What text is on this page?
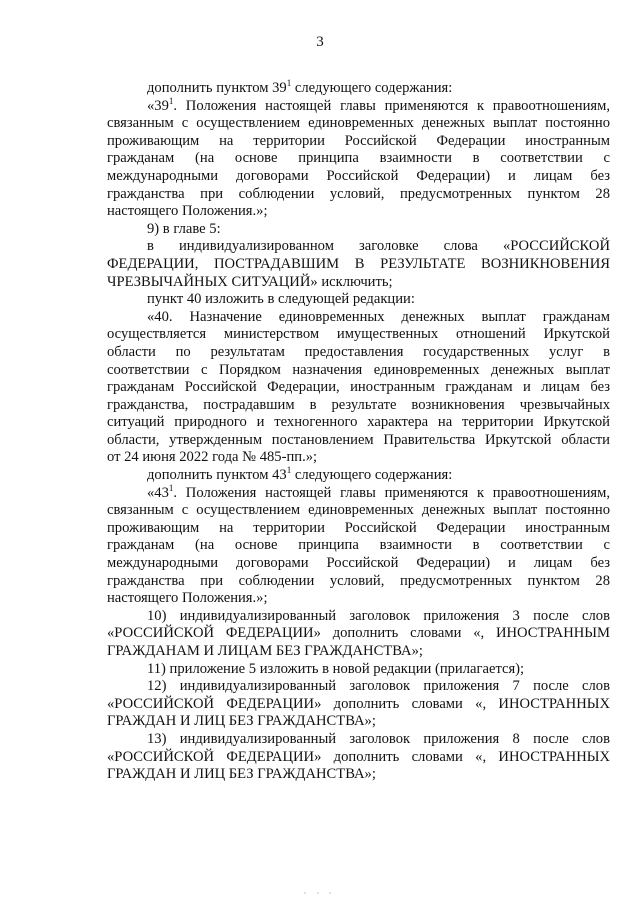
3
дополнить пунктом $39^1$ следующего содержания:
«$39^1$. Положения настоящей главы применяются к правоотношениям,
связанным с осуществлением единовременных денежных выплат постоянно
проживающим на территории Российской Федерации иностранным
гражданам (на основе принципа взаимности в соответствии с
международными договорами Российской Федерации) и лицам без
гражданства при соблюдении условий, предусмотренных пунктом 28
настоящего Положения.»;
9) в главе 5:
в индивидуализированном заголовке слова «РОССИЙСКОЙ
ФЕДЕРАЦИИ, ПОСТРАДАВШИМ В РЕЗУЛЬТАТЕ ВОЗНИКНОВЕНИЯ
ЧРЕЗВЫЧАЙНЫХ СИТУАЦИЙ» исключить;
пункт 40 изложить в следующей редакции:
«40. Назначение единовременных денежных выплат гражданам
осуществляется министерством имущественных отношений Иркутской
области по результатам предоставления государственных услуг в
соответствии с Порядком назначения единовременных денежных выплат
гражданам Российской Федерации, иностранным гражданам и лицам без
гражданства, пострадавшим в результате возникновения чрезвычайных
ситуаций природного и техногенного характера на территории Иркутской
области, утвержденным постановлением Правительства Иркутской области
от 24 июня 2022 года № 485-пп.»;
дополнить пунктом $43^1$ следующего содержания:
«$43^1$. Положения настоящей главы применяются к правоотношениям,
связанным с осуществлением единовременных денежных выплат постоянно
проживающим на территории Российской Федерации иностранным
гражданам (на основе принципа взаимности в соответствии с
международными договорами Российской Федерации) и лицам без
гражданства при соблюдении условий, предусмотренных пунктом 28
настоящего Положения.»;
10) индивидуализированный заголовок приложения 3 после слов
«РОССИЙСКОЙ ФЕДЕРАЦИИ» дополнить словами «, ИНОСТРАННЫМ
ГРАЖДАНАМ И ЛИЦАМ БЕЗ ГРАЖДАНСТВА»;
11) приложение 5 изложить в новой редакции (прилагается);
12) индивидуализированный заголовок приложения 7 после слов
«РОССИЙСКОЙ ФЕДЕРАЦИИ» дополнить словами «, ИНОСТРАННЫХ
ГРАЖДАН И ЛИЦ БЕЗ ГРАЖДАНСТВА»;
13) индивидуализированный заголовок приложения 8 после слов
«РОССИЙСКОЙ ФЕДЕРАЦИИ» дополнить словами «, ИНОСТРАННЫХ
ГРАЖДАН И ЛИЦ БЕЗ ГРАЖДАНСТВА»;
